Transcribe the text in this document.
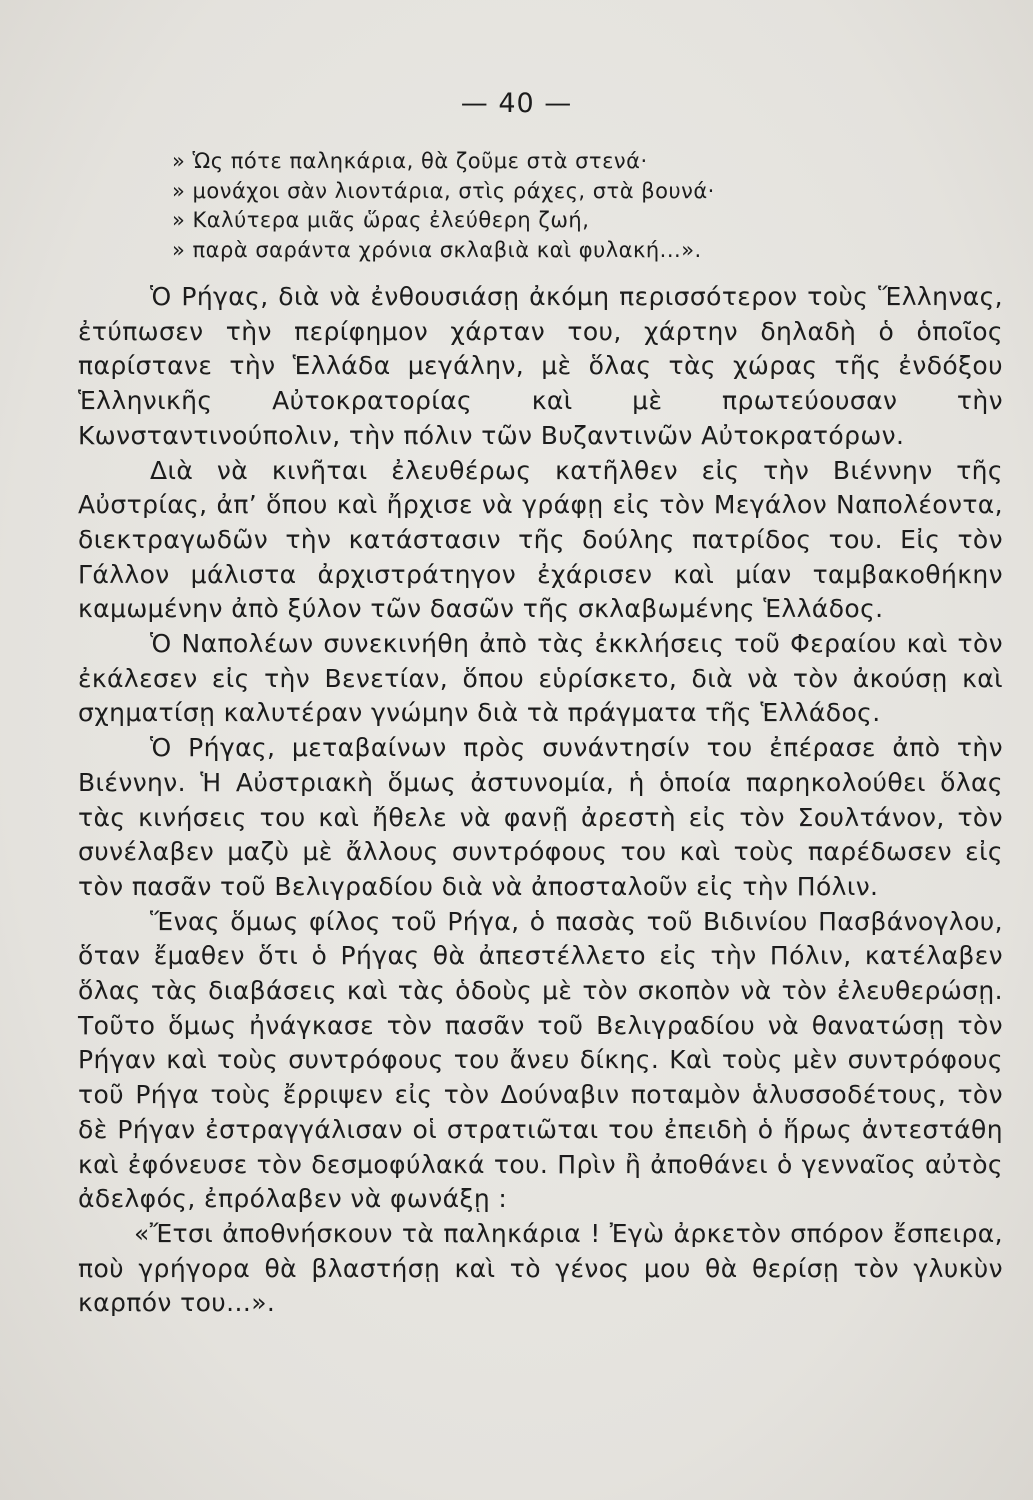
— 40 —
» Ὡς πότε παληκάρια, θὰ ζοῦμε στὰ στενά·
» μονάχοι σὰν λιοντάρια, στὶς ράχες, στὰ βουνά·
» Καλύτερα μιᾶς ὥρας ἐλεύθερη ζωή,
» παρὰ σαράντα χρόνια σκλαβιὰ καὶ φυλακή...».

Ὁ Ρήγας, διὰ νὰ ἐνθουσιάσῃ ἀκόμη περισσότερον τοὺς Ἕλληνας, ἐτύπωσεν τὴν περίφημον χάρταν του, χάρτην δηλαδὴ ὁ ὁποῖος παρίστανε τὴν Ἑλλάδα μεγάλην, μὲ ὅλας τὰς χώρας τῆς ἐνδόξου Ἑλληνικῆς Αὐτοκρατορίας καὶ μὲ πρωτεύουσαν τὴν Κωνσταντινούπολιν, τὴν πόλιν τῶν Βυζαντινῶν Αὐτοκρατόρων.

Διὰ νὰ κινῆται ἐλευθέρως κατῆλθεν εἰς τὴν Βιέννην τῆς Αὐστρίας, ἀπ’ ὅπου καὶ ἤρχισε νὰ γράφῃ εἰς τὸν Μεγάλον Ναπολέοντα, διεκτραγωδῶν τὴν κατάστασιν τῆς δούλης πατρίδος του. Εἰς τὸν Γάλλον μάλιστα ἀρχιστράτηγον ἐχάρισεν καὶ μίαν ταμβακοθήκην καμωμένην ἀπὸ ξύλον τῶν δασῶν τῆς σκλαβωμένης Ἑλλάδος.

Ὁ Ναπολέων συνεκινήθη ἀπὸ τὰς ἐκκλήσεις τοῦ Φεραίου καὶ τὸν ἐκάλεσεν εἰς τὴν Βενετίαν, ὅπου εὑρίσκετο, διὰ νὰ τὸν ἀκούσῃ καὶ σχηματίσῃ καλυτέραν γνώμην διὰ τὰ πράγματα τῆς Ἑλλάδος.

Ὁ Ρήγας, μεταβαίνων πρὸς συνάντησίν του ἐπέρασε ἀπὸ τὴν Βιέννην. Ἡ Αὐστριακὴ ὅμως ἀστυνομία, ἡ ὁποία παρηκολούθει ὅλας τὰς κινήσεις του καὶ ἤθελε νὰ φανῇ ἀρεστὴ εἰς τὸν Σουλτάνον, τὸν συνέλαβεν μαζὺ μὲ ἄλλους συντρόφους του καὶ τοὺς παρέδωσεν εἰς τὸν πασᾶν τοῦ Βελιγραδίου διὰ νὰ ἀποσταλοῦν εἰς τὴν Πόλιν.

Ἕνας ὅμως φίλος τοῦ Ρήγα, ὁ πασὰς τοῦ Βιδινίου Πασβάνογλου, ὅταν ἔμαθεν ὅτι ὁ Ρήγας θὰ ἀπεστέλλετο εἰς τὴν Πόλιν, κατέλαβεν ὅλας τὰς διαβάσεις καὶ τὰς ὁδοὺς μὲ τὸν σκοπὸν νὰ τὸν ἐλευθερώσῃ. Τοῦτο ὅμως ἠνάγκασε τὸν πασᾶν τοῦ Βελιγραδίου νὰ θανατώσῃ τὸν Ρήγαν καὶ τοὺς συντρόφους του ἄνευ δίκης. Καὶ τοὺς μὲν συντρόφους τοῦ Ρήγα τοὺς ἔρριψεν εἰς τὸν Δούναβιν ποταμὸν ἁλυσσοδέτους, τὸν δὲ Ρήγαν ἐστραγγάλισαν οἱ στρατιῶται του ἐπειδὴ ὁ ἥρως ἀντεστάθη καὶ ἐφόνευσε τὸν δεσμοφύλακά του. Πρὶν ἢ ἀποθάνει ὁ γενναῖος αὐτὸς ἀδελφός, ἐπρόλαβεν νὰ φωνάξῃ :

«Ἔτσι ἀποθνήσκουν τὰ παληκάρια ! Ἐγὼ ἀρκετὸν σπόρον ἔσπειρα, ποὺ γρήγορα θὰ βλαστήσῃ καὶ τὸ γένος μου θὰ θερίσῃ τὸν γλυκὺν καρπόν του...».
